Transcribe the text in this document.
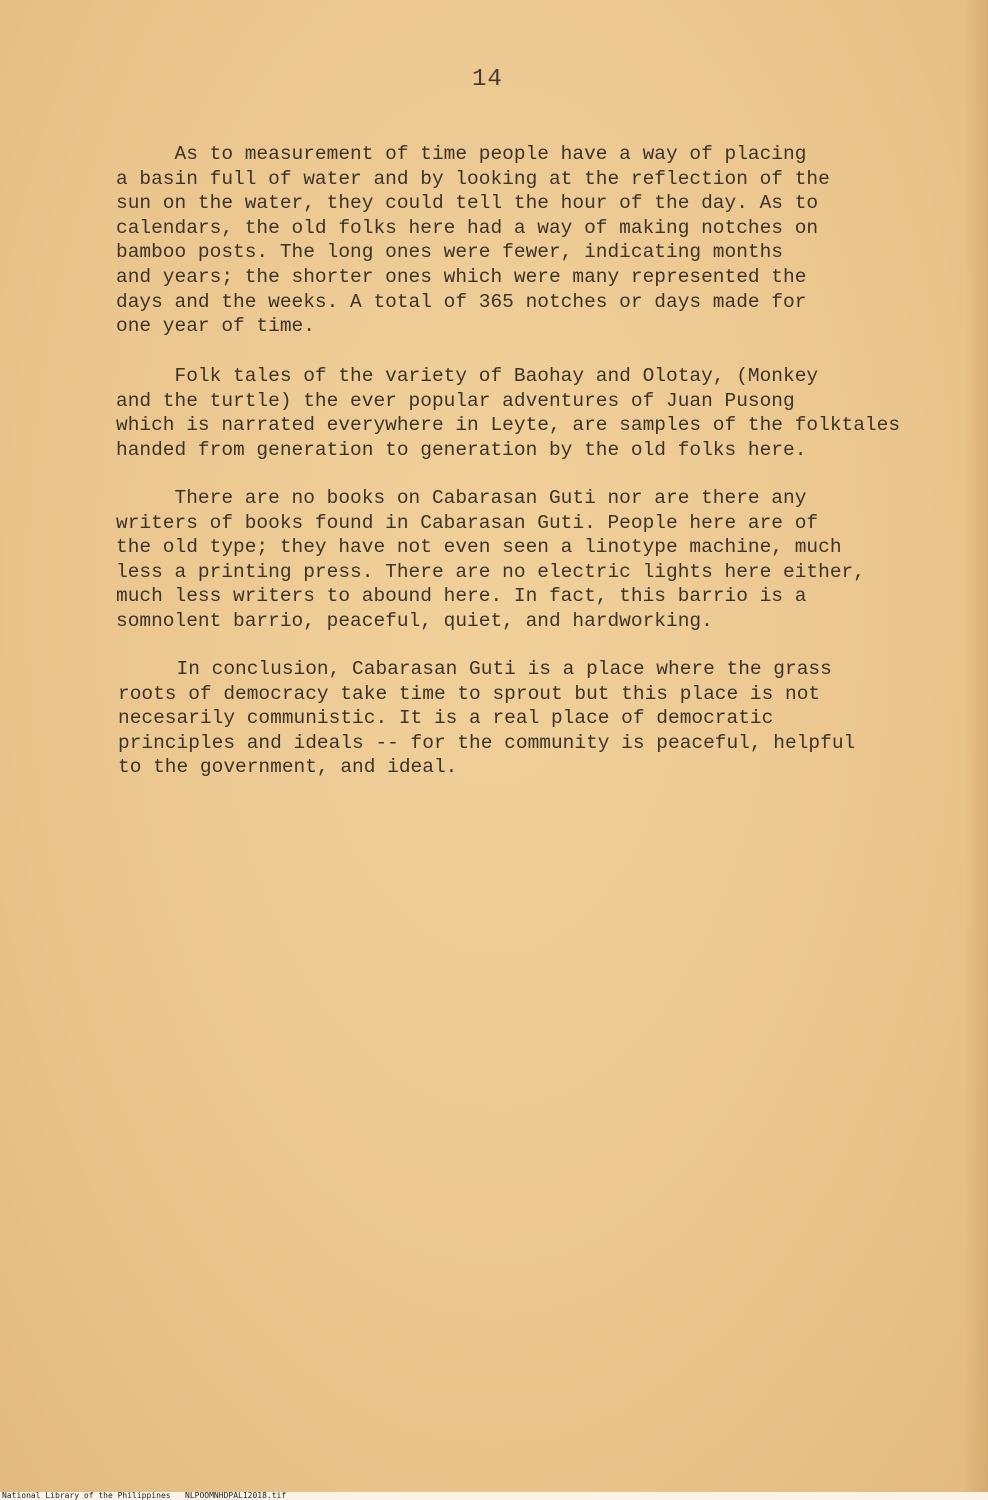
14

As to measurement of time people have a way of placing
a basin full of water and by looking at the reflection of the
sun on the water, they could tell the hour of the day. As to
calendars, the old folks here had a way of making notches on
bamboo posts. The long ones were fewer, indicating months
and years; the shorter ones which were many represented the
days and the weeks. A total of 365 notches or days made for
one year of time.

Folk tales of the variety of Baohay and Olotay, (Monkey
and the turtle) the ever popular adventures of Juan Pusong
which is narrated everywhere in Leyte, are samples of the folktales
handed from generation to generation by the old folks here.

There are no books on Cabarasan Guti nor are there any
writers of books found in Cabarasan Guti. People here are of
the old type; they have not even seen a linotype machine, much
less a printing press. There are no electric lights here either,
much less writers to abound here. In fact, this barrio is a
somnolent barrio, peaceful, quiet, and hardworking.

In conclusion, Cabarasan Guti is a place where the grass
roots of democracy take time to sprout but this place is not
necesarily communistic. It is a real place of democratic
principles and ideals -- for the community is peaceful, helpful
to the government, and ideal.

National Library of the Philippines NLPOOMNHDPAL12018.tif
